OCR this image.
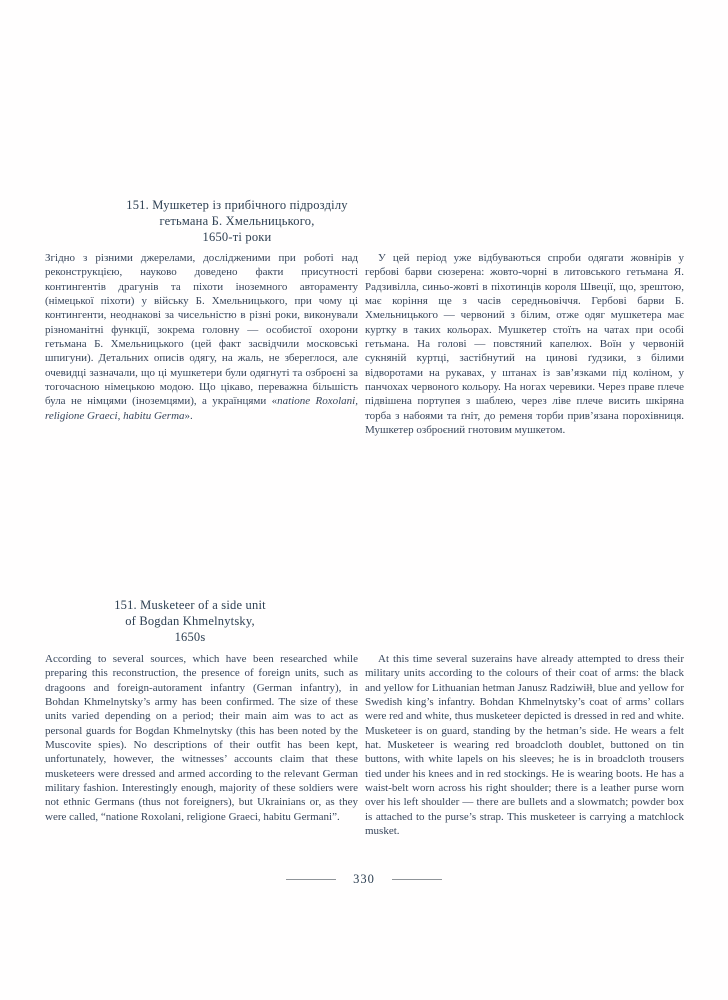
151. Мушкетер із прибічного підрозділу
гетьмана Б. Хмельницького,
1650-ті роки

Згідно з різними джерелами, дослідженими при роботі над реконструкцією, науково доведено факти присутності контингентів драгунів та піхоти іноземного автораменту (німецької піхоти) у війську Б. Хмельницького, при чому ці контингенти, неоднакові за чисельністю в різні роки, виконували різноманітні функції, зокрема головну — особистої охорони гетьмана Б. Хмельницького (цей факт засвідчили московські шпигуни). Детальних описів одягу, на жаль, не збереглося, але очевидці зазначали, що ці мушкетери були одягнуті та озброєні за тогочасною німецькою модою. Що цікаво, переважна більшість була не німцями (іноземцями), а українцями «natione Roxolani, religione Graeci, habitu Germa».

У цей період уже відбуваються спроби одягати жовнірів у гербові барви сюзерена: жовто-чорні в литовського гетьмана Я. Радзивілла, синьо-жовті в піхотинців короля Швеції, що, зрештою, має коріння ще з часів середньовіччя. Гербові барви Б. Хмельницького — червоний з білим, отже одяг мушкетера має куртку в таких кольорах. Мушкетер стоїть на чатах при особі гетьмана. На голові — повстяний капелюх. Воїн у червоній сукняній куртці, застібнутий на цинові ґудзики, з білими відворотами на рукавах, у штанах із зав’язками під коліном, у панчохах червоного кольору. На ногах черевики. Через праве плече підвішена портупея з шаблею, через ліве плече висить шкіряна торба з набоями та ґніт, до ременя торби прив’язана порохівниця. Мушкетер озброєний гнотовим мушкетом.

151. Musketeer of a side unit
of Bogdan Khmelnytsky,
1650s

According to several sources, which have been researched while preparing this reconstruction, the presence of foreign units, such as dragoons and foreign-autorament infantry (German infantry), in Bohdan Khmelnytsky’s army has been confirmed. The size of these units varied depending on a period; their main aim was to act as personal guards for Bogdan Khmelnytsky (this has been noted by the Muscovite spies). No descriptions of their outfit has been kept, unfortunately, however, the witnesses’ accounts claim that these musketeers were dressed and armed according to the relevant German military fashion. Interestingly enough, majority of these soldiers were not ethnic Germans (thus not foreigners), but Ukrainians or, as they were called, “natione Roxolani, religione Graeci, habitu Germani”.

At this time several suzerains have already attempted to dress their military units according to the colours of their coat of arms: the black and yellow for Lithuanian hetman Janusz Radziwiłł, blue and yellow for Swedish king’s infantry. Bohdan Khmelnytsky’s coat of arms’ collars were red and white, thus musketeer depicted is dressed in red and white. Musketeer is on guard, standing by the hetman’s side. He wears a felt hat. Musketeer is wearing red broadcloth doublet, buttoned on tin buttons, with white lapels on his sleeves; he is in broadcloth trousers tied under his knees and in red stockings. He is wearing boots. He has a waist-belt worn across his right shoulder; there is a leather purse worn over his left shoulder — there are bullets and a slowmatch; powder box is attached to the purse’s strap. This musketeer is carrying a matchlock musket.

330
